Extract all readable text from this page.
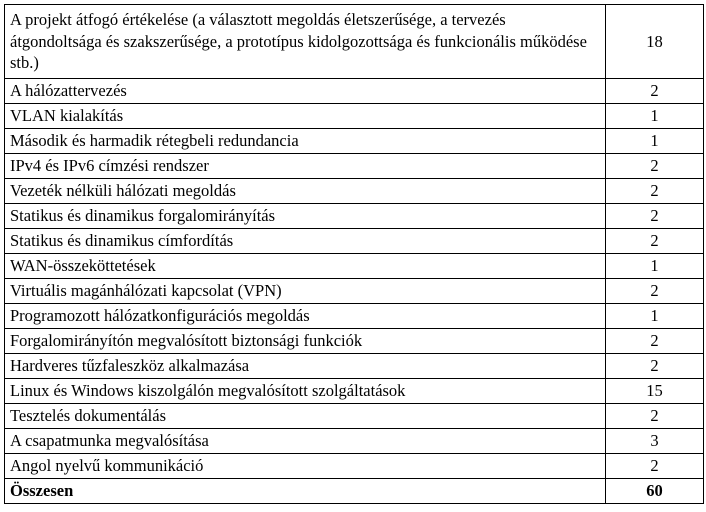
A projekt átfogó értékelése (a választott megoldás életszerűsége, a tervezés átgondoltsága és szakszerűsége, a prototípus kidolgozottsága és funkcionális működése stb.)	18
A hálózattervezés	2
VLAN kialakítás	1
Második és harmadik rétegbeli redundancia	1
IPv4 és IPv6 címzési rendszer	2
Vezeték nélküli hálózati megoldás	2
Statikus és dinamikus forgalomirányítás	2
Statikus és dinamikus címfordítás	2
WAN-összeköttetések	1
Virtuális magánhálózati kapcsolat (VPN)	2
Programozott hálózatkonfigurációs megoldás	1
Forgalomirányítón megvalósított biztonsági funkciók	2
Hardveres tűzfaleszköz alkalmazása	2
Linux és Windows kiszolgálón megvalósított szolgáltatások	15
Tesztelés dokumentálás	2
A csapatmunka megvalósítása	3
Angol nyelvű kommunikáció	2
Összesen	60
